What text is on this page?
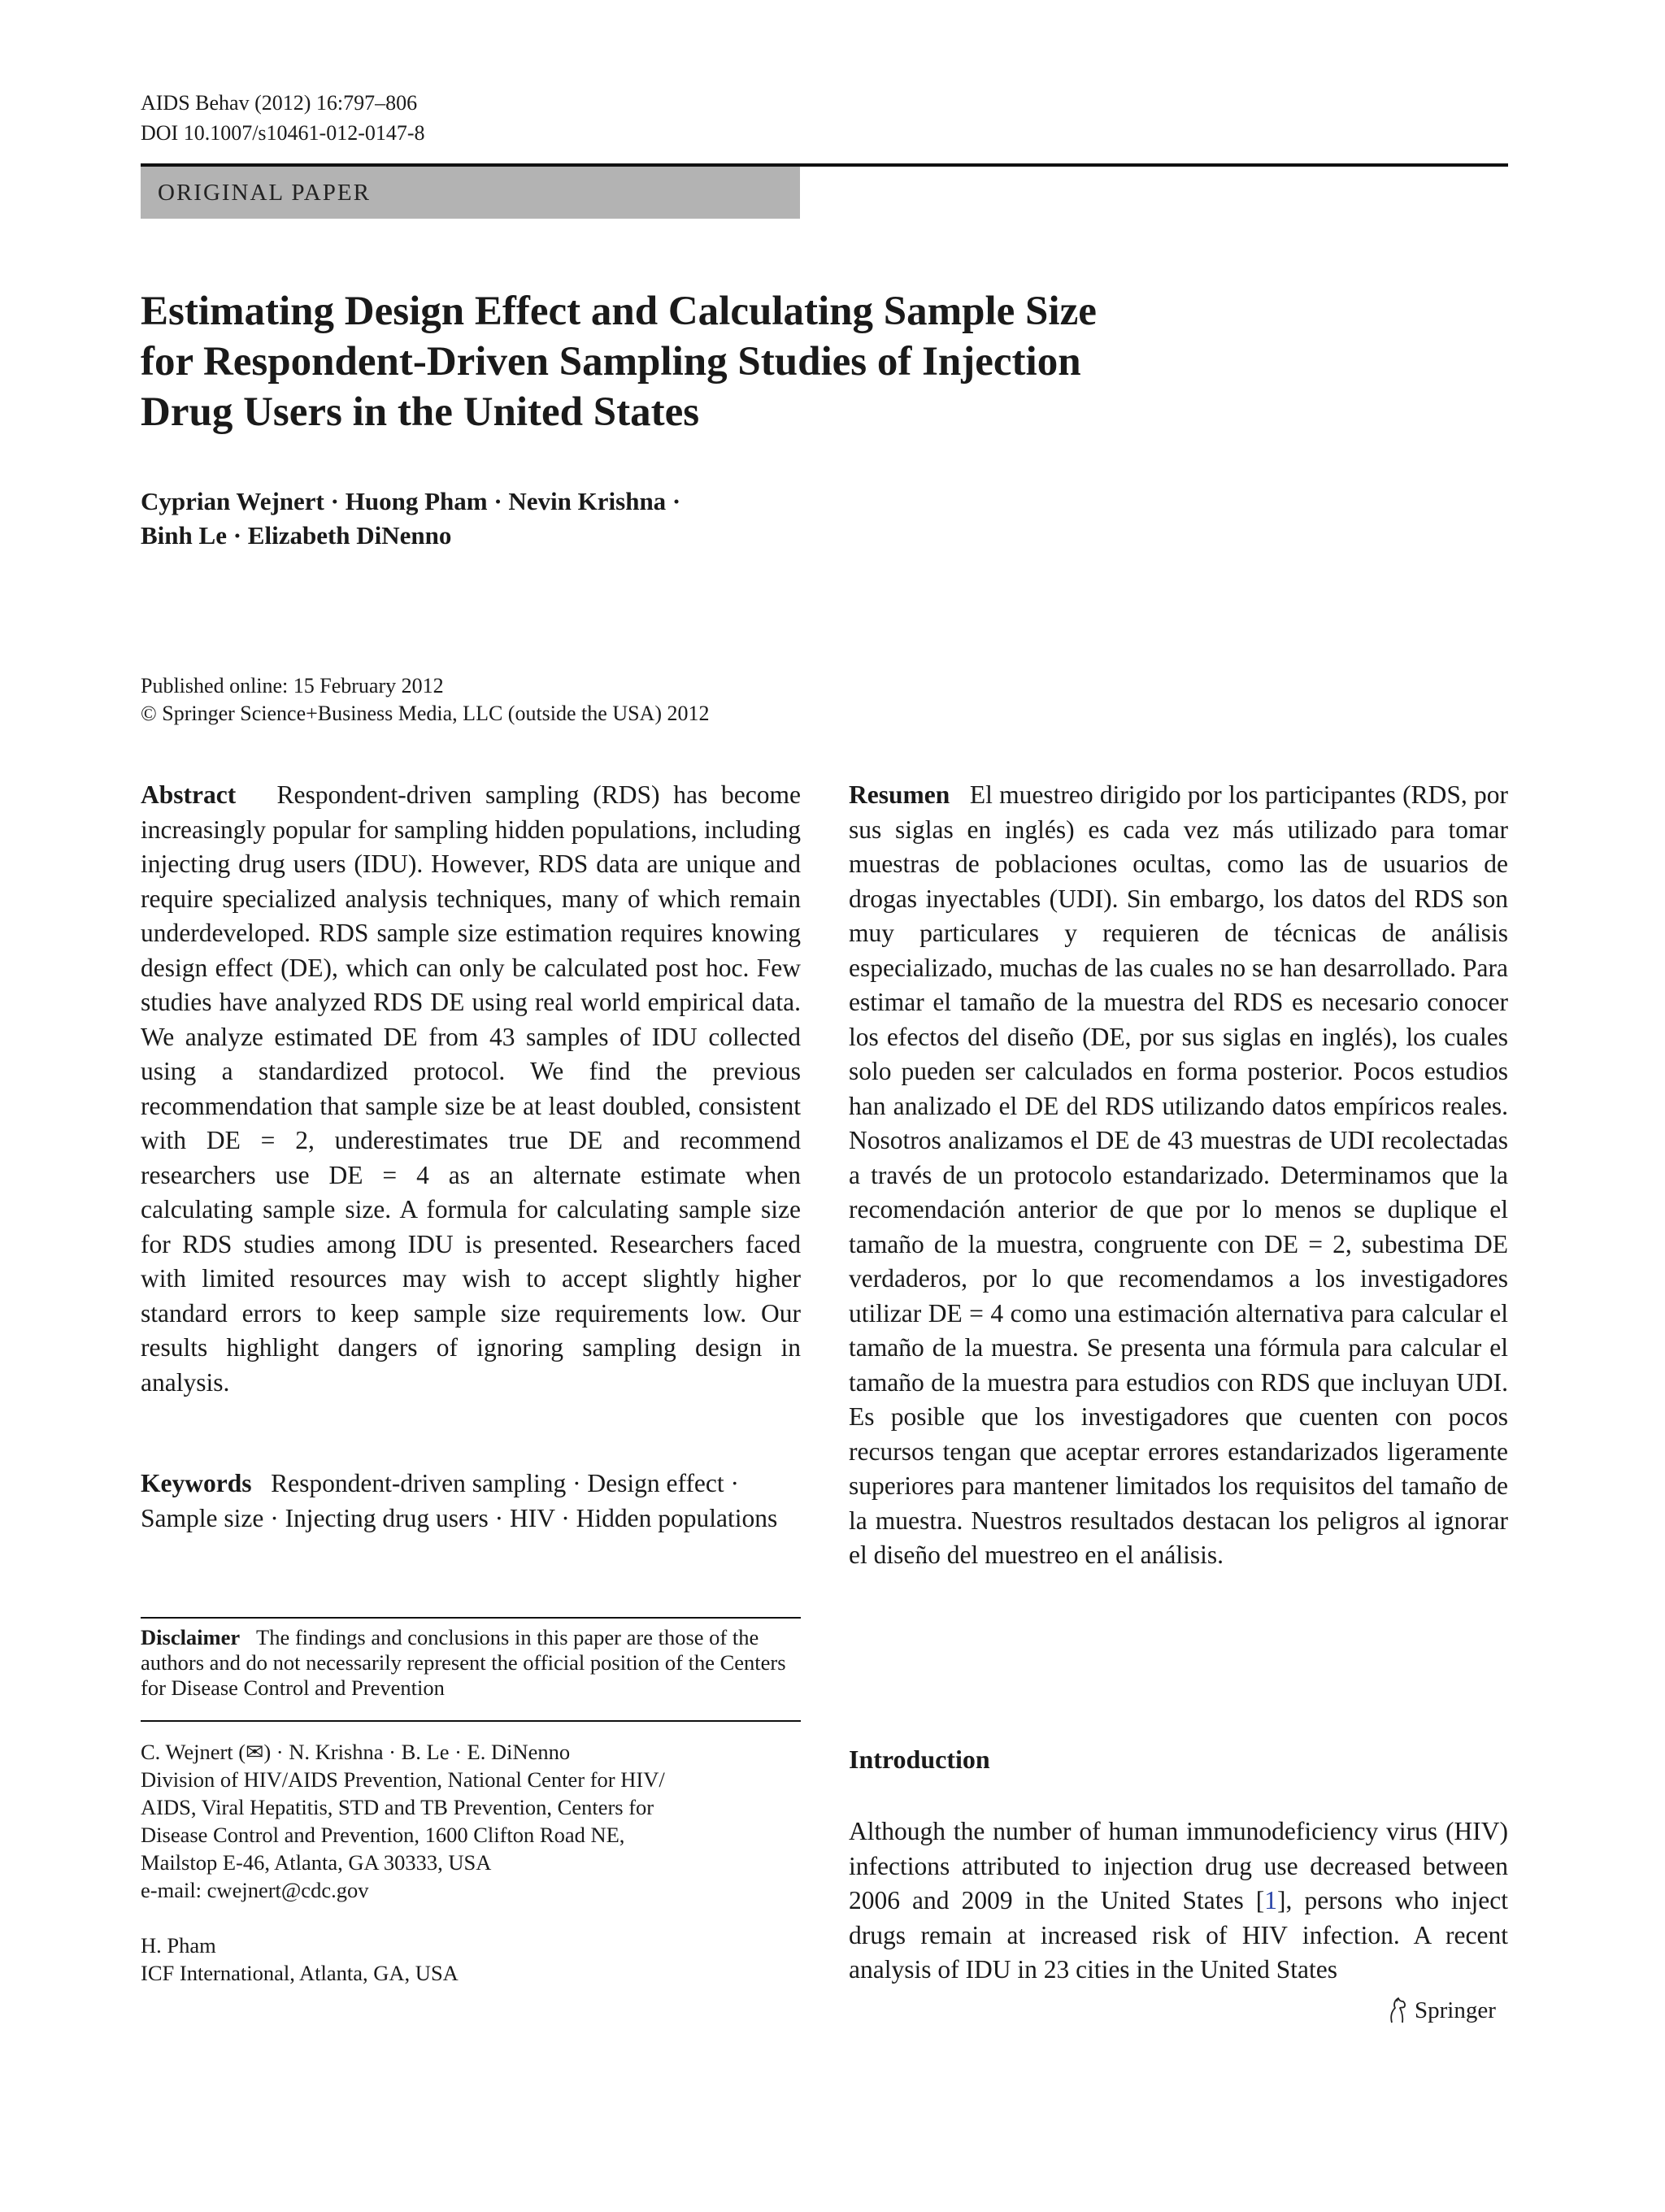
AIDS Behav (2012) 16:797–806
DOI 10.1007/s10461-012-0147-8
ORIGINAL PAPER
Estimating Design Effect and Calculating Sample Size
for Respondent-Driven Sampling Studies of Injection
Drug Users in the United States
Cyprian Wejnert · Huong Pham · Nevin Krishna ·
Binh Le · Elizabeth DiNenno
Published online: 15 February 2012
© Springer Science+Business Media, LLC (outside the USA) 2012

Abstract Respondent-driven sampling (RDS) has become increasingly popular for sampling hidden populations, including injecting drug users (IDU). However, RDS data are unique and require specialized analysis techniques, many of which remain underdeveloped. RDS sample size estimation requires knowing design effect (DE), which can only be calculated post hoc. Few studies have analyzed RDS DE using real world empirical data. We analyze estimated DE from 43 samples of IDU collected using a standardized protocol. We find the previous recommendation that sample size be at least doubled, consistent with DE = 2, underestimates true DE and recommend researchers use DE = 4 as an alternate estimate when calculating sample size. A formula for calculating sample size for RDS studies among IDU is presented. Researchers faced with limited resources may wish to accept slightly higher standard errors to keep sample size requirements low. Our results highlight dangers of ignoring sampling design in analysis.

Keywords Respondent-driven sampling · Design effect · Sample size · Injecting drug users · HIV · Hidden populations

Disclaimer The findings and conclusions in this paper are those of the authors and do not necessarily represent the official position of the Centers for Disease Control and Prevention

C. Wejnert (✉) · N. Krishna · B. Le · E. DiNenno
Division of HIV/AIDS Prevention, National Center for HIV/
AIDS, Viral Hepatitis, STD and TB Prevention, Centers for
Disease Control and Prevention, 1600 Clifton Road NE,
Mailstop E-46, Atlanta, GA 30333, USA
e-mail: cwejnert@cdc.gov
H. Pham
ICF International, Atlanta, GA, USA

Resumen El muestreo dirigido por los participantes (RDS, por sus siglas en inglés) es cada vez más utilizado para tomar muestras de poblaciones ocultas, como las de usuarios de drogas inyectables (UDI). Sin embargo, los datos del RDS son muy particulares y requieren de técnicas de análisis especializado, muchas de las cuales no se han desarrollado. Para estimar el tamaño de la muestra del RDS es necesario conocer los efectos del diseño (DE, por sus siglas en inglés), los cuales solo pueden ser calculados en forma posterior. Pocos estudios han analizado el DE del RDS utilizando datos empíricos reales. Nosotros analizamos el DE de 43 muestras de UDI recolectadas a través de un protocolo estandarizado. Determinamos que la recomendación anterior de que por lo menos se duplique el tamaño de la muestra, congruente con DE = 2, subestima DE verdaderos, por lo que recomendamos a los investigadores utilizar DE = 4 como una estimación alternativa para calcular el tamaño de la muestra. Se presenta una fórmula para calcular el tamaño de la muestra para estudios con RDS que incluyan UDI. Es posible que los investigadores que cuenten con pocos recursos tengan que aceptar errores estandarizados ligeramente superiores para mantener limitados los requisitos del tamaño de la muestra. Nuestros resultados destacan los peligros al ignorar el diseño del muestreo en el análisis.

Introduction

Although the number of human immunodeficiency virus (HIV) infections attributed to injection drug use decreased between 2006 and 2009 in the United States [1], persons who inject drugs remain at increased risk of HIV infection. A recent analysis of IDU in 23 cities in the United States

Springer
